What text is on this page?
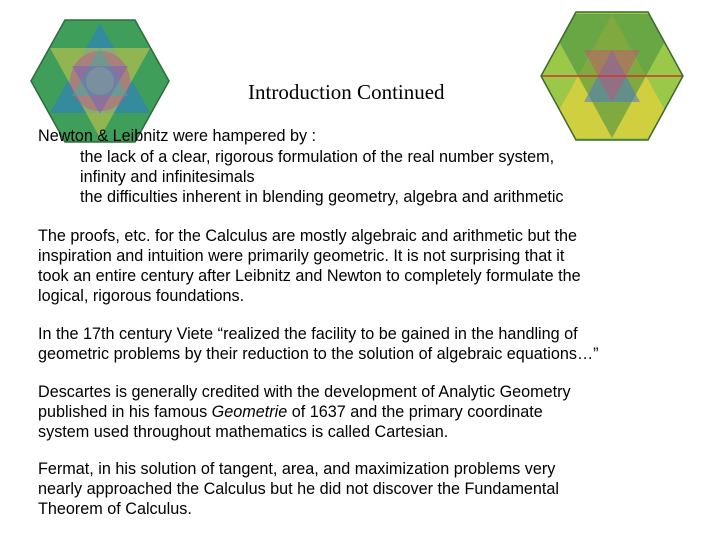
Introduction Continued
Newton & Leibnitz were hampered by :
the lack of a clear, rigorous formulation of the real number system,
infinity and infinitesimals
the difficulties inherent in blending geometry, algebra and arithmetic
The proofs, etc. for the Calculus are mostly algebraic and arithmetic but the
inspiration and intuition were primarily geometric. It is not surprising that it
took an entire century after Leibnitz and Newton to completely formulate the
logical, rigorous foundations.
In the 17th century Viete “realized the facility to be gained in the handling of
geometric problems by their reduction to the solution of algebraic equations…”
Descartes is generally credited with the development of Analytic Geometry
published in his famous Geometrie of 1637 and the primary coordinate
system used throughout mathematics is called Cartesian.
Fermat, in his solution of tangent, area, and maximization problems very
nearly approached the Calculus but he did not discover the Fundamental
Theorem of Calculus.
